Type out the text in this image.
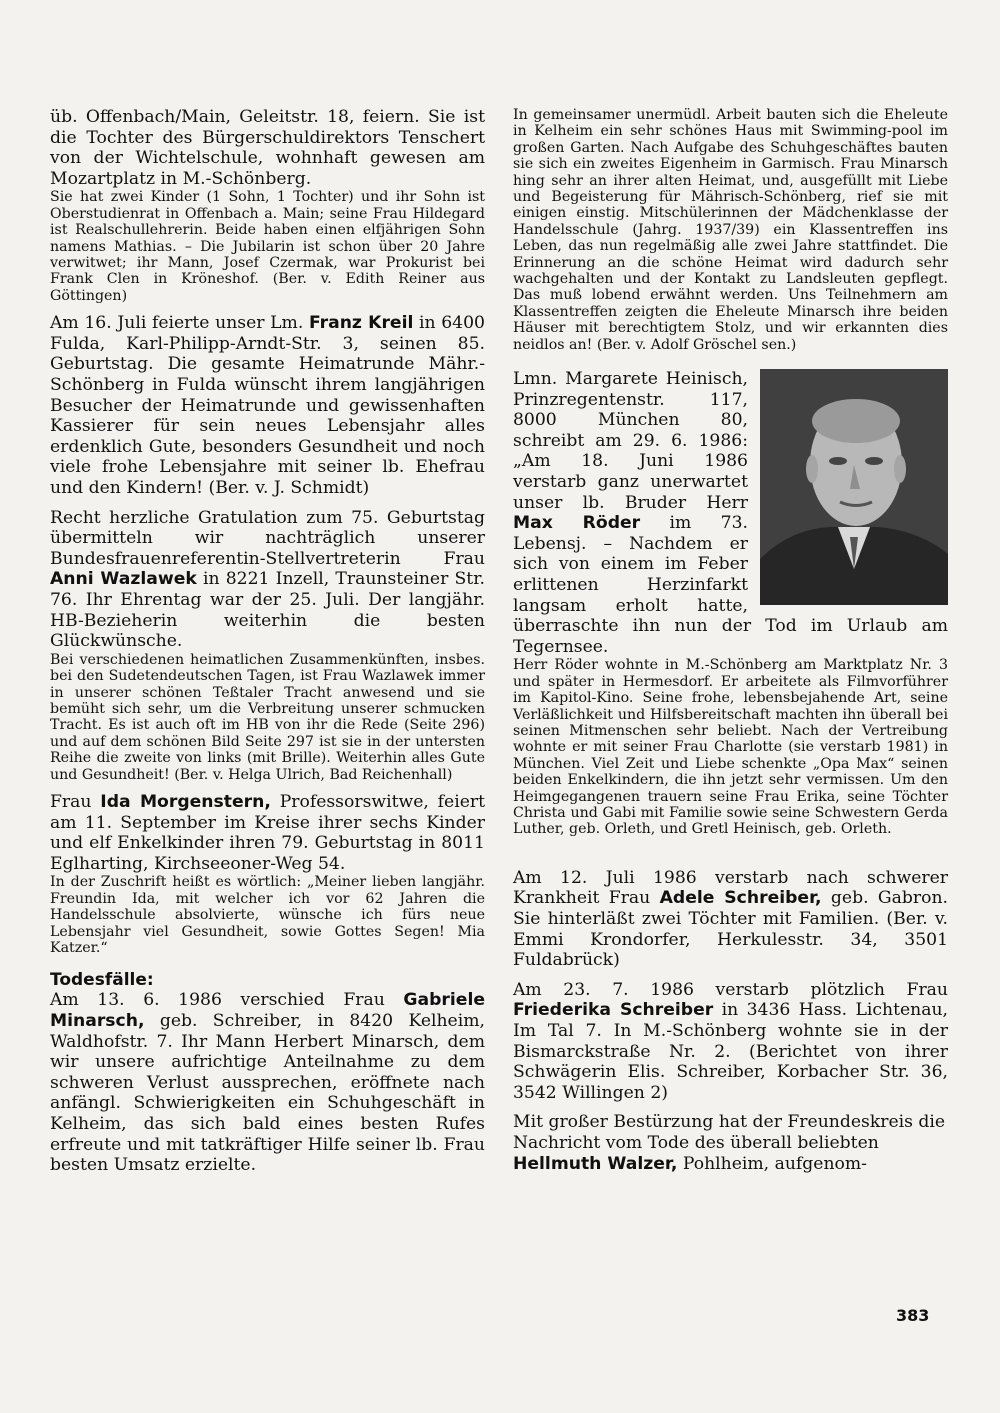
üb. Offenbach/Main, Geleitstr. 18, feiern. Sie ist die Tochter des Bürgerschuldirektors Tenschert von der Wichtelschule, wohnhaft gewesen am Mozartplatz in M.-Schönberg.

Sie hat zwei Kinder (1 Sohn, 1 Tochter) und ihr Sohn ist Oberstudienrat in Offenbach a. Main; seine Frau Hildegard ist Realschullehrerin. Beide haben einen elfjährigen Sohn namens Mathias. – Die Jubilarin ist schon über 20 Jahre verwitwet; ihr Mann, Josef Czermak, war Prokurist bei Frank Clen in Kröneshof. (Ber. v. Edith Reiner aus Göttingen)

Am 16. Juli feierte unser Lm. Franz Kreil in 6400 Fulda, Karl-Philipp-Arndt-Str. 3, seinen 85. Geburtstag. Die gesamte Heimatrunde Mähr.-Schönberg in Fulda wünscht ihrem langjährigen Besucher der Heimatrunde und gewissenhaften Kassierer für sein neues Lebensjahr alles erdenklich Gute, besonders Gesundheit und noch viele frohe Lebensjahre mit seiner lb. Ehefrau und den Kindern! (Ber. v. J. Schmidt)

Recht herzliche Gratulation zum 75. Geburtstag übermitteln wir nachträglich unserer Bundesfrauenreferentin-Stellvertreterin Frau Anni Wazlawek in 8221 Inzell, Traunsteiner Str. 76. Ihr Ehrentag war der 25. Juli. Der langjähr. HB-Bezieherin weiterhin die besten Glückwünsche.

Bei verschiedenen heimatlichen Zusammenkünften, insbes. bei den Sudetendeutschen Tagen, ist Frau Wazlawek immer in unserer schönen Teßtaler Tracht anwesend und sie bemüht sich sehr, um die Verbreitung unserer schmucken Tracht. Es ist auch oft im HB von ihr die Rede (Seite 296) und auf dem schönen Bild Seite 297 ist sie in der untersten Reihe die zweite von links (mit Brille). Weiterhin alles Gute und Gesundheit! (Ber. v. Helga Ulrich, Bad Reichenhall)

Frau Ida Morgenstern, Professorswitwe, feiert am 11. September im Kreise ihrer sechs Kinder und elf Enkelkinder ihren 79. Geburtstag in 8011 Eglharting, Kirchseeoner-Weg 54.

In der Zuschrift heißt es wörtlich: „Meiner lieben langjähr. Freundin Ida, mit welcher ich vor 62 Jahren die Handelsschule absolvierte, wünsche ich fürs neue Lebensjahr viel Gesundheit, sowie Gottes Segen! Mia Katzer.“

Todesfälle:

Am 13. 6. 1986 verschied Frau Gabriele Minarsch, geb. Schreiber, in 8420 Kelheim, Waldhofstr. 7. Ihr Mann Herbert Minarsch, dem wir unsere aufrichtige Anteilnahme zu dem schweren Verlust aussprechen, eröffnete nach anfängl. Schwierigkeiten ein Schuhgeschäft in Kelheim, das sich bald eines besten Rufes erfreute und mit tatkräftiger Hilfe seiner lb. Frau besten Umsatz erzielte.

In gemeinsamer unermüdl. Arbeit bauten sich die Eheleute in Kelheim ein sehr schönes Haus mit Swimming-pool im großen Garten. Nach Aufgabe des Schuhgeschäftes bauten sie sich ein zweites Eigenheim in Garmisch. Frau Minarsch hing sehr an ihrer alten Heimat, und, ausgefüllt mit Liebe und Begeisterung für Mährisch-Schönberg, rief sie mit einigen einstig. Mitschülerinnen der Mädchenklasse der Handelsschule (Jahrg. 1937/39) ein Klassentreffen ins Leben, das nun regelmäßig alle zwei Jahre stattfindet. Die Erinnerung an die schöne Heimat wird dadurch sehr wachgehalten und der Kontakt zu Landsleuten gepflegt. Das muß lobend erwähnt werden. Uns Teilnehmern am Klassentreffen zeigten die Eheleute Minarsch ihre beiden Häuser mit berechtigtem Stolz, und wir erkannten dies neidlos an! (Ber. v. Adolf Gröschel sen.)

Lmn. Margarete Heinisch, Prinzregentenstr. 117, 8000 München 80, schreibt am 29. 6. 1986: „Am 18. Juni 1986 verstarb ganz unerwartet unser lb. Bruder Herr Max Röder im 73. Lebensj. – Nachdem er sich von einem im Feber erlittenen Herzinfarkt langsam erholt hatte, überraschte ihn nun der Tod im Urlaub am Tegernsee.

Herr Röder wohnte in M.-Schönberg am Marktplatz Nr. 3 und später in Hermesdorf. Er arbeitete als Filmvorführer im Kapitol-Kino. Seine frohe, lebensbejahende Art, seine Verläßlichkeit und Hilfsbereitschaft machten ihn überall bei seinen Mitmenschen sehr beliebt. Nach der Vertreibung wohnte er mit seiner Frau Charlotte (sie verstarb 1981) in München. Viel Zeit und Liebe schenkte „Opa Max“ seinen beiden Enkelkindern, die ihn jetzt sehr vermissen. Um den Heimgegangenen trauern seine Frau Erika, seine Töchter Christa und Gabi mit Familie sowie seine Schwestern Gerda Luther, geb. Orleth, und Gretl Heinisch, geb. Orleth.

Am 12. Juli 1986 verstarb nach schwerer Krankheit Frau Adele Schreiber, geb. Gabron. Sie hinterläßt zwei Töchter mit Familien. (Ber. v. Emmi Krondorfer, Herkulesstr. 34, 3501 Fuldabrück)

Am 23. 7. 1986 verstarb plötzlich Frau Friederika Schreiber in 3436 Hass. Lichtenau, Im Tal 7. In M.-Schönberg wohnte sie in der Bismarckstraße Nr. 2. (Berichtet von ihrer Schwägerin Elis. Schreiber, Korbacher Str. 36, 3542 Willingen 2)

Mit großer Bestürzung hat der Freundeskreis die Nachricht vom Tode des überall beliebten Hellmuth Walzer, Pohlheim, aufgenom-

383
